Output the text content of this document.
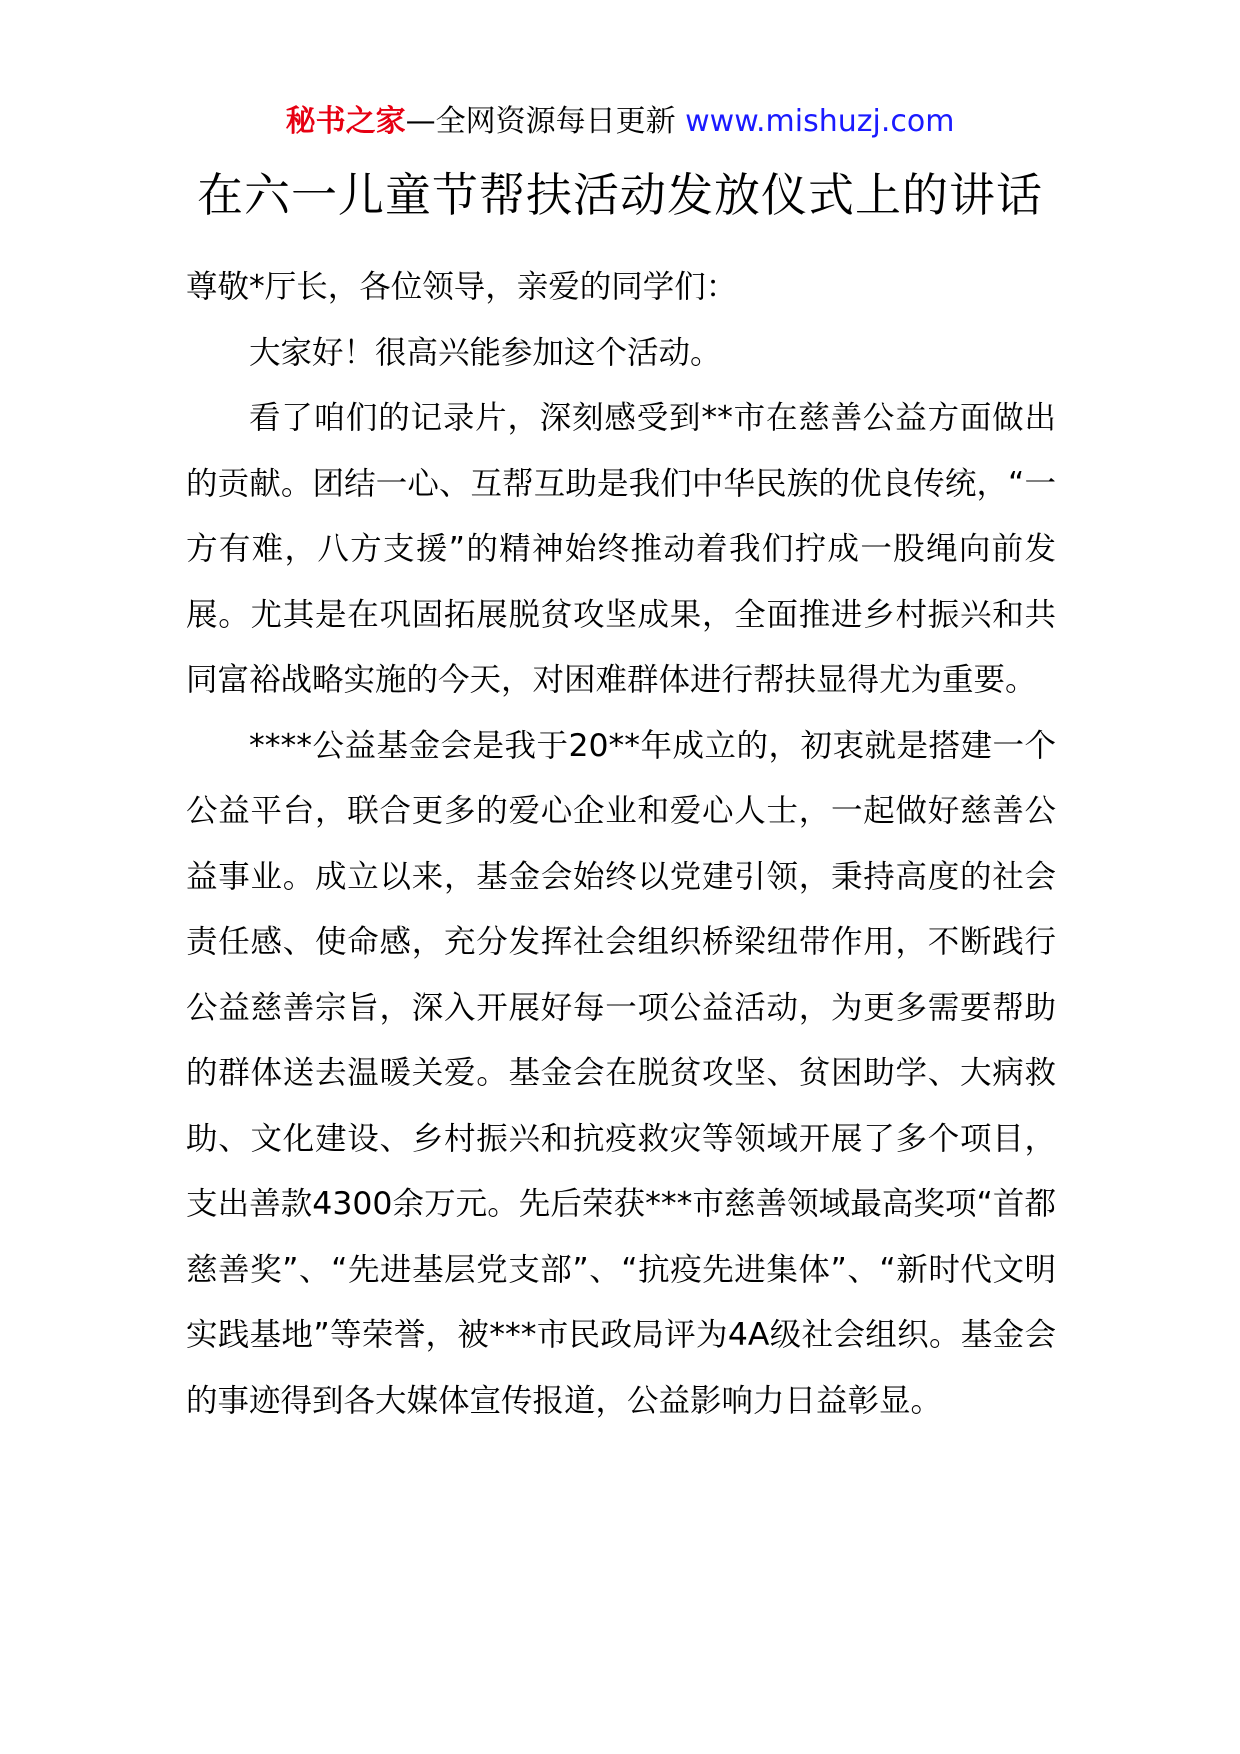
秘书之家—全网资源每日更新 www.mishuzj.com
在六一儿童节帮扶活动发放仪式上的讲话

尊敬*厅长，各位领导，亲爱的同学们：

大家好！很高兴能参加这个活动。

看了咱们的记录片，深刻感受到**市在慈善公益方面做出的贡献。团结一心、互帮互助是我们中华民族的优良传统，“一方有难，八方支援”的精神始终推动着我们拧成一股绳向前发展。尤其是在巩固拓展脱贫攻坚成果，全面推进乡村振兴和共同富裕战略实施的今天，对困难群体进行帮扶显得尤为重要。

****公益基金会是我于20**年成立的，初衷就是搭建一个公益平台，联合更多的爱心企业和爱心人士，一起做好慈善公益事业。成立以来，基金会始终以党建引领，秉持高度的社会责任感、使命感，充分发挥社会组织桥梁纽带作用，不断践行公益慈善宗旨，深入开展好每一项公益活动，为更多需要帮助的群体送去温暖关爱。基金会在脱贫攻坚、贫困助学、大病救助、文化建设、乡村振兴和抗疫救灾等领域开展了多个项目，支出善款4300余万元。先后荣获***市慈善领域最高奖项“首都慈善奖”、“先进基层党支部”、“抗疫先进集体”、“新时代文明实践基地”等荣誉，被***市民政局评为4A级社会组织。基金会的事迹得到各大媒体宣传报道，公益影响力日益彰显。
